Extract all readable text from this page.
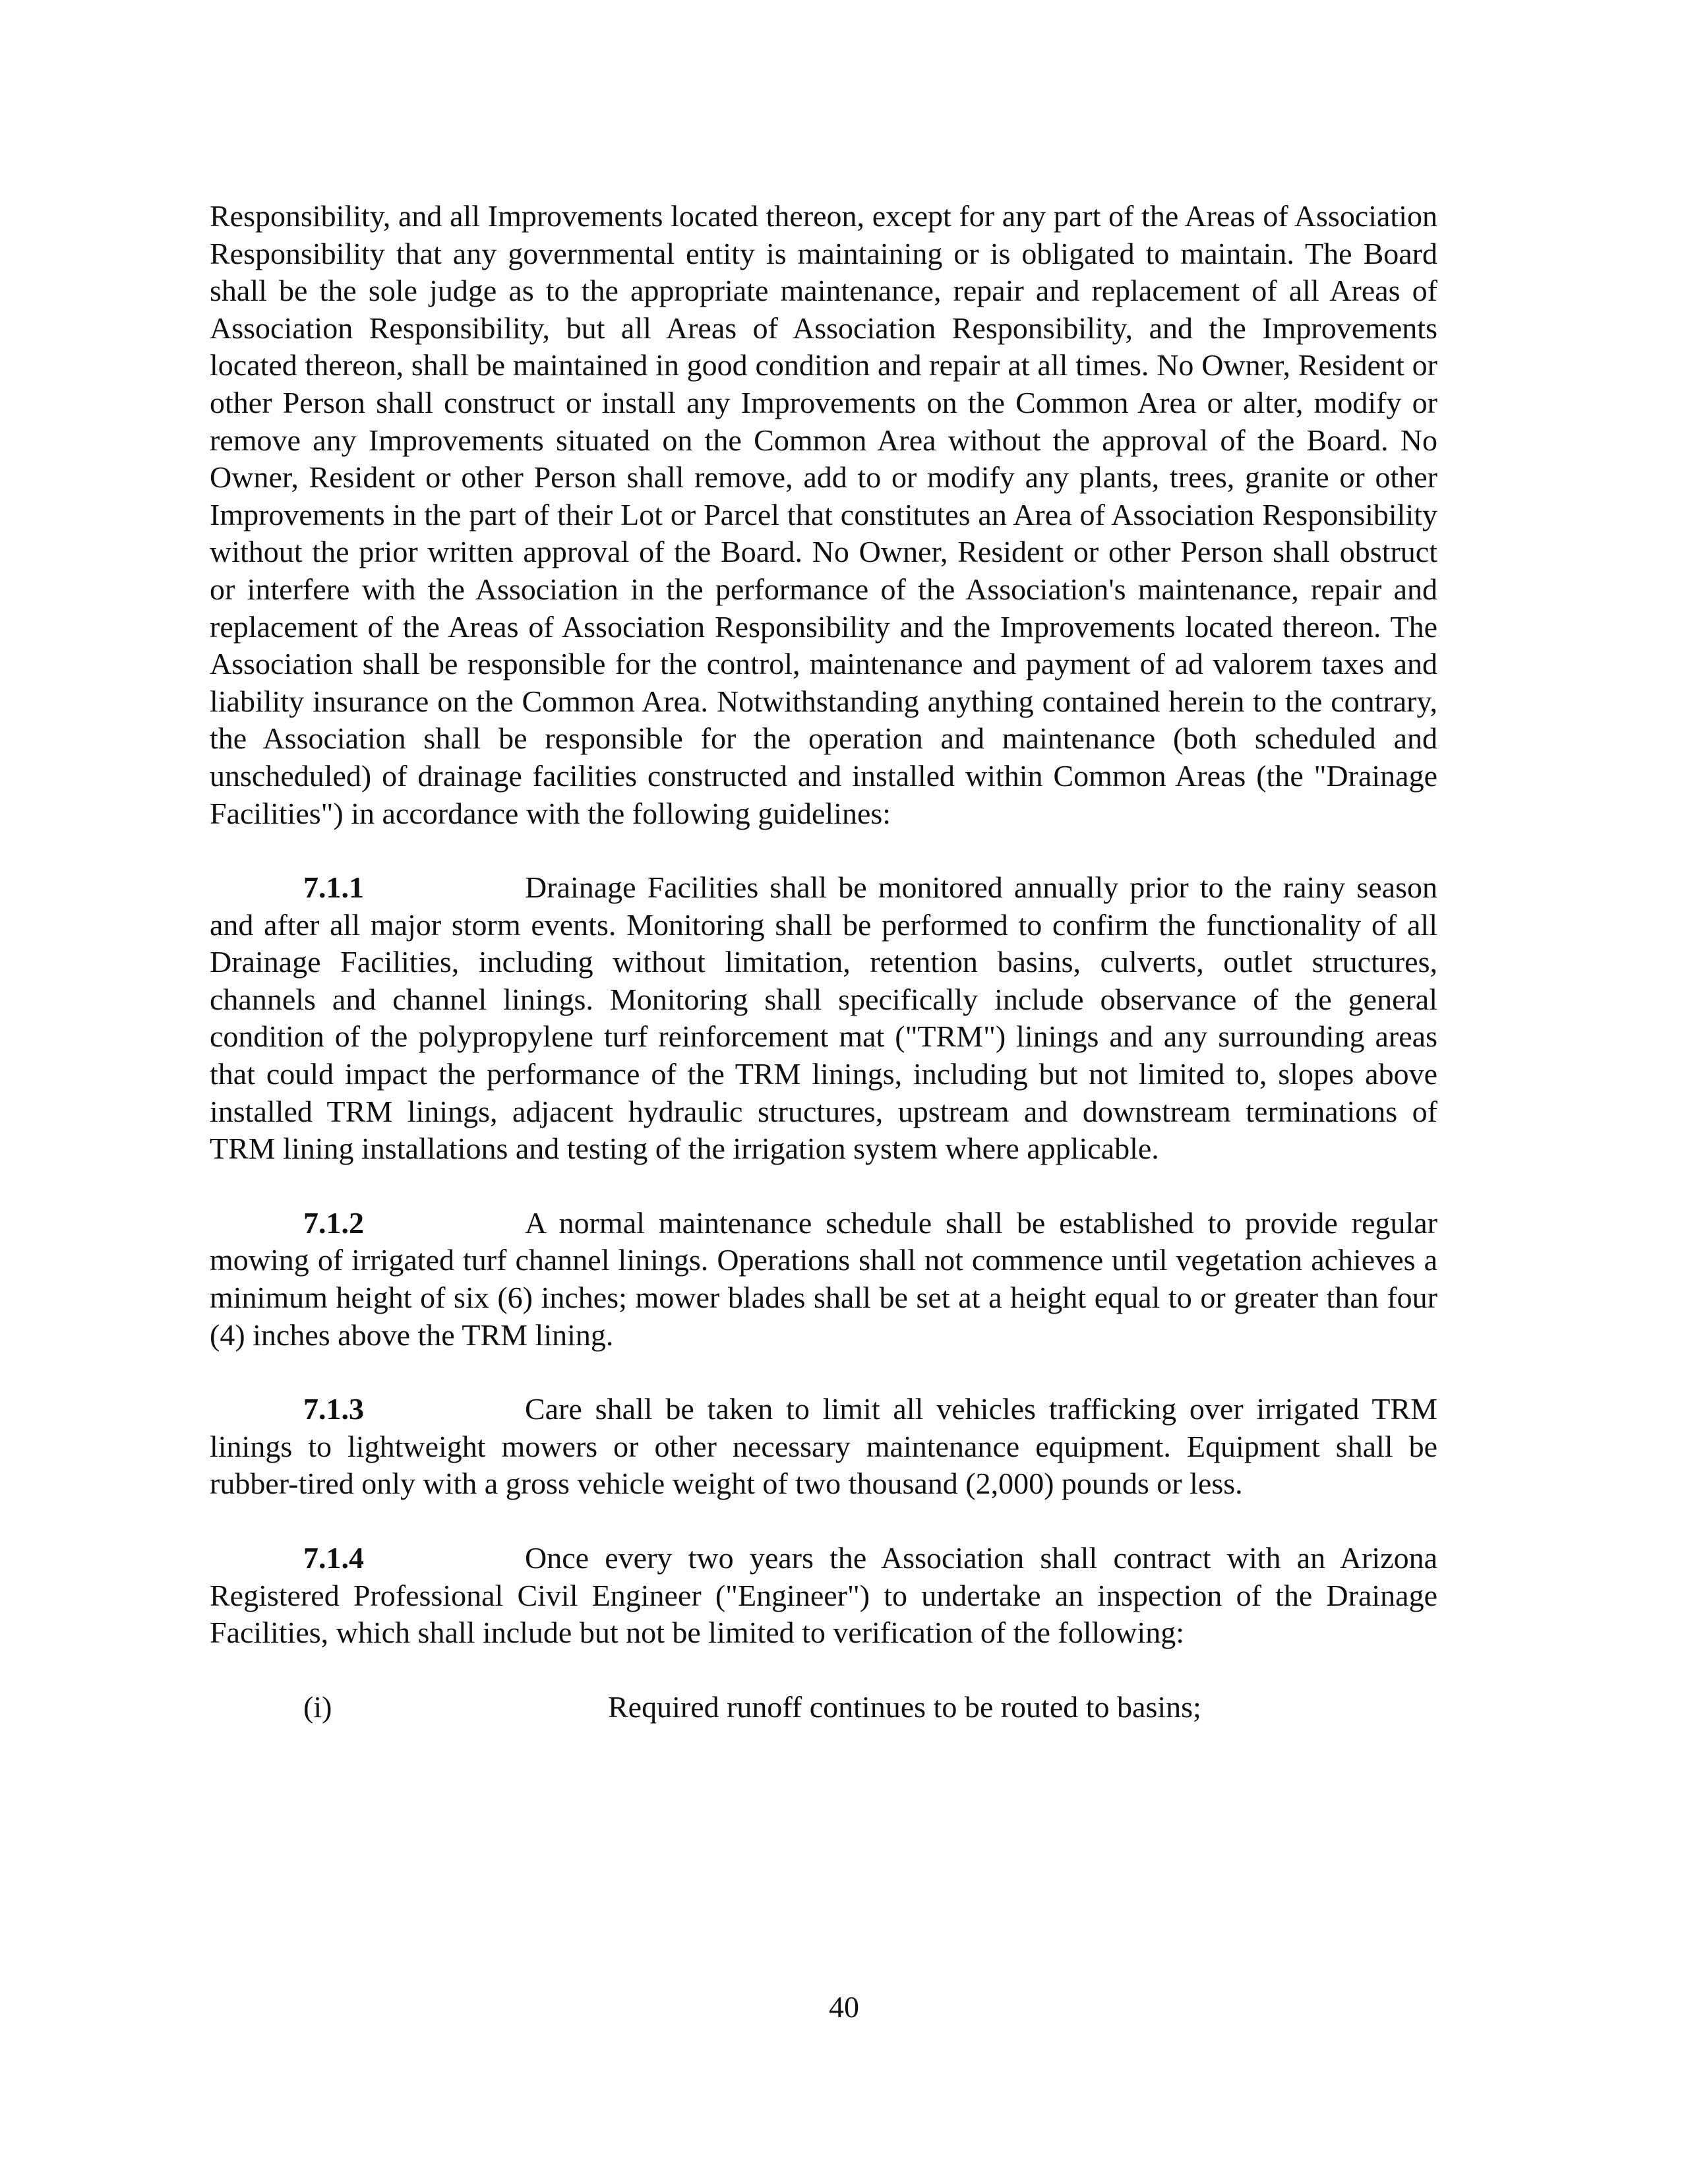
Responsibility, and all Improvements located thereon, except for any part of the Areas of Association Responsibility that any governmental entity is maintaining or is obligated to maintain. The Board shall be the sole judge as to the appropriate maintenance, repair and replacement of all Areas of Association Responsibility, but all Areas of Association Responsibility, and the Improvements located thereon, shall be maintained in good condition and repair at all times. No Owner, Resident or other Person shall construct or install any Improvements on the Common Area or alter, modify or remove any Improvements situated on the Common Area without the approval of the Board. No Owner, Resident or other Person shall remove, add to or modify any plants, trees, granite or other Improvements in the part of their Lot or Parcel that constitutes an Area of Association Responsibility without the prior written approval of the Board. No Owner, Resident or other Person shall obstruct or interfere with the Association in the performance of the Association's maintenance, repair and replacement of the Areas of Association Responsibility and the Improvements located thereon. The Association shall be responsible for the control, maintenance and payment of ad valorem taxes and liability insurance on the Common Area. Notwithstanding anything contained herein to the contrary, the Association shall be responsible for the operation and maintenance (both scheduled and unscheduled) of drainage facilities constructed and installed within Common Areas (the "Drainage Facilities") in accordance with the following guidelines:

7.1.1	Drainage Facilities shall be monitored annually prior to the rainy season and after all major storm events. Monitoring shall be performed to confirm the functionality of all Drainage Facilities, including without limitation, retention basins, culverts, outlet structures, channels and channel linings. Monitoring shall specifically include observance of the general condition of the polypropylene turf reinforcement mat ("TRM") linings and any surrounding areas that could impact the performance of the TRM linings, including but not limited to, slopes above installed TRM linings, adjacent hydraulic structures, upstream and downstream terminations of TRM lining installations and testing of the irrigation system where applicable.

7.1.2	A normal maintenance schedule shall be established to provide regular mowing of irrigated turf channel linings. Operations shall not commence until vegetation achieves a minimum height of six (6) inches; mower blades shall be set at a height equal to or greater than four (4) inches above the TRM lining.

7.1.3	Care shall be taken to limit all vehicles trafficking over irrigated TRM linings to lightweight mowers or other necessary maintenance equipment. Equipment shall be rubber-tired only with a gross vehicle weight of two thousand (2,000) pounds or less.

7.1.4	Once every two years the Association shall contract with an Arizona Registered Professional Civil Engineer ("Engineer") to undertake an inspection of the Drainage Facilities, which shall include but not be limited to verification of the following:

(i)	Required runoff continues to be routed to basins;
40
